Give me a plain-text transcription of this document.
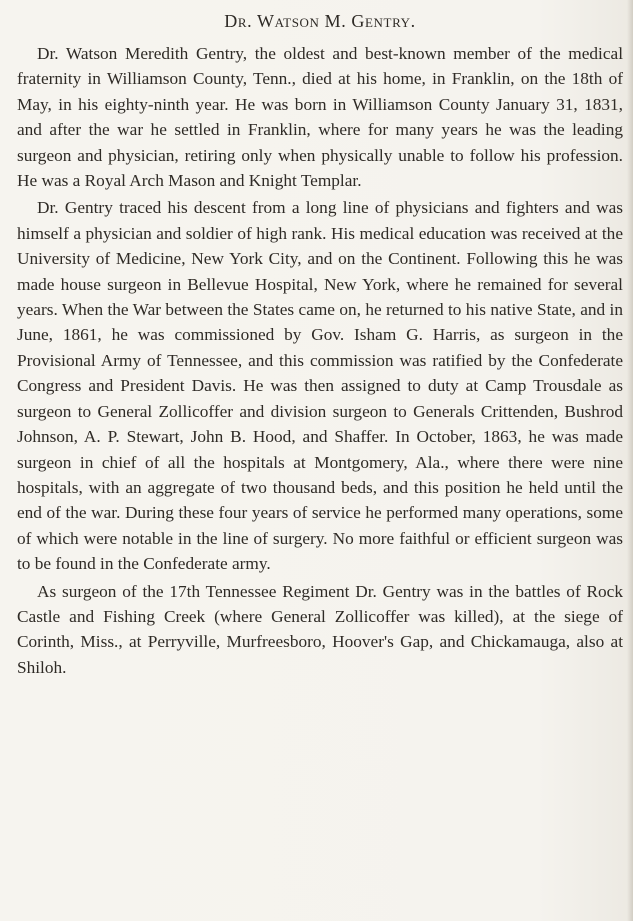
Dr. Watson M. Gentry.

Dr. Watson Meredith Gentry, the oldest and best-known member of the medical fraternity in Williamson County, Tenn., died at his home, in Franklin, on the 18th of May, in his eighty-ninth year. He was born in Williamson County January 31, 1831, and after the war he settled in Franklin, where for many years he was the leading surgeon and physician, retiring only when physically unable to follow his profession. He was a Royal Arch Mason and Knight Templar.

Dr. Gentry traced his descent from a long line of physicians and fighters and was himself a physician and soldier of high rank. His medical education was received at the University of Medicine, New York City, and on the Continent. Following this he was made house surgeon in Bellevue Hospital, New York, where he remained for several years. When the War between the States came on, he returned to his native State, and in June, 1861, he was commissioned by Gov. Isham G. Harris, as surgeon in the Provisional Army of Tennessee, and this commission was ratified by the Confederate Congress and President Davis. He was then assigned to duty at Camp Trousdale as surgeon to General Zollicoffer and division surgeon to Generals Crittenden, Bushrod Johnson, A. P. Stewart, John B. Hood, and Shaffer. In October, 1863, he was made surgeon in chief of all the hospitals at Montgomery, Ala., where there were nine hospitals, with an aggregate of two thousand beds, and this position he held until the end of the war. During these four years of service he performed many operations, some of which were notable in the line of surgery. No more faithful or efficient surgeon was to be found in the Confederate army.

As surgeon of the 17th Tennessee Regiment Dr. Gentry was in the battles of Rock Castle and Fishing Creek (where General Zollicoffer was killed), at the siege of Corinth, Miss., at Perryville, Murfreesboro, Hoover's Gap, and Chickamauga, also at Shiloh.
